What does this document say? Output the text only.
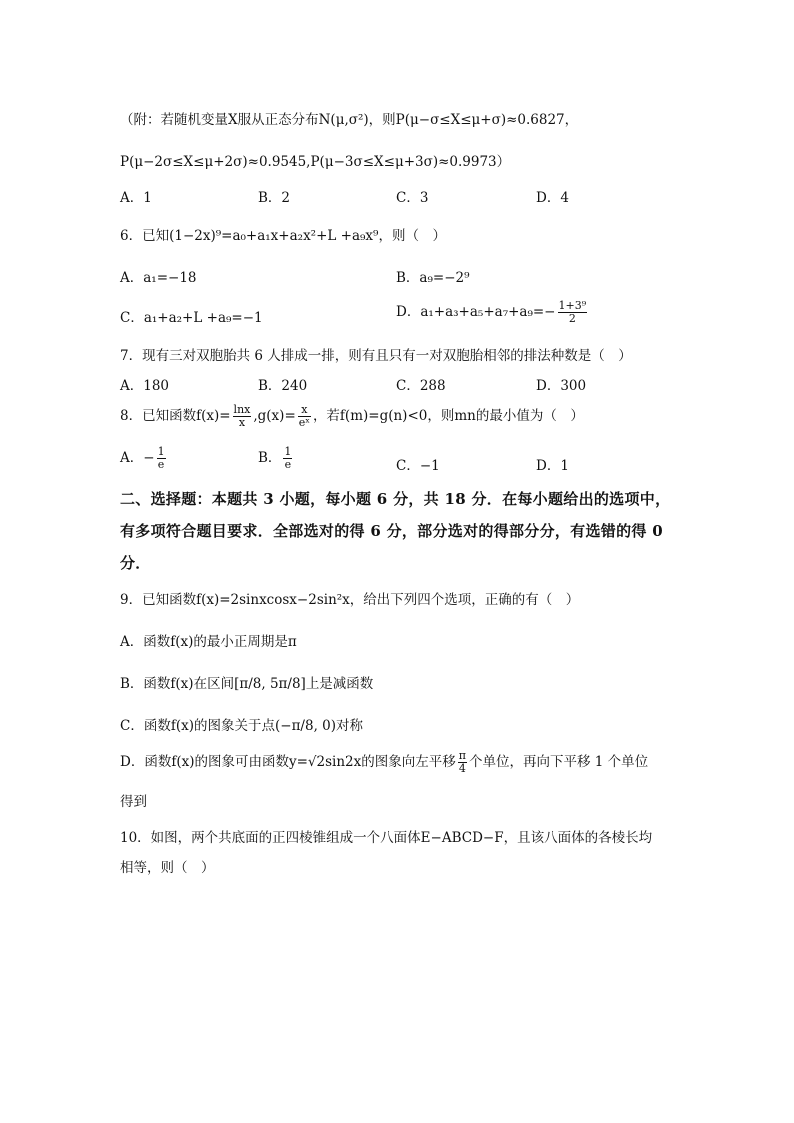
（附：若随机变量X服从正态分布N(μ,σ²)，则P(μ−σ≤X≤μ+σ)≈0.6827，
P(μ−2σ≤X≤μ+2σ)≈0.9545,P(μ−3σ≤X≤μ+3σ)≈0.9973）
A．1	B．2	C．3	D．4
6．已知(1−2x)⁹=a₀+a₁x+a₂x²+L +a₉x⁹，则（　）
A．a₁=−18	B．a₉=−2⁹
C．a₁+a₂+L +a₉=−1	D．$a_1+a_3+a_5+a_7+a_9=- \frac{\text{1+3⁹}}{2}$
7．现有三对双胞胎共 6 人排成一排，则有且只有一对双胞胎相邻的排法种数是（　）
A．180	B．240	C．288	D．300
8．已知函数$f(x)= \frac{\ln x}{x} ,g(x)= \frac{x}{\text{eˣ}}$ ，若f(m)=g(n)<0，则mn的最小值为（　）
A．− $\frac{1}{e}$	B． $\frac{1}{e}$	C．−1	D．1
二、选择题：本题共 3 小题，每小题 6 分，共 18 分．在每小题给出的选项中，
有多项符合题目要求．全部选对的得 6 分，部分选对的得部分分，有选错的得 0
分．
9．已知函数f(x)=2sinxcosx−2sin²x，给出下列四个选项，正确的有（　）
A．函数f(x)的最小正周期是π
B．函数f(x)在区间[π/8, 5π/8]上是减函数
C．函数f(x)的图象关于点(−π/8, 0)对称
D．函数f(x)的图象可由函数y=√2sin2x的图象向左平移 $\frac{\pi}{4}$ 个单位，再向下平移 1 个单位
得到
10．如图，两个共底面的正四棱锥组成一个八面体E−ABCD−F，且该八面体的各棱长均
相等，则（　）
